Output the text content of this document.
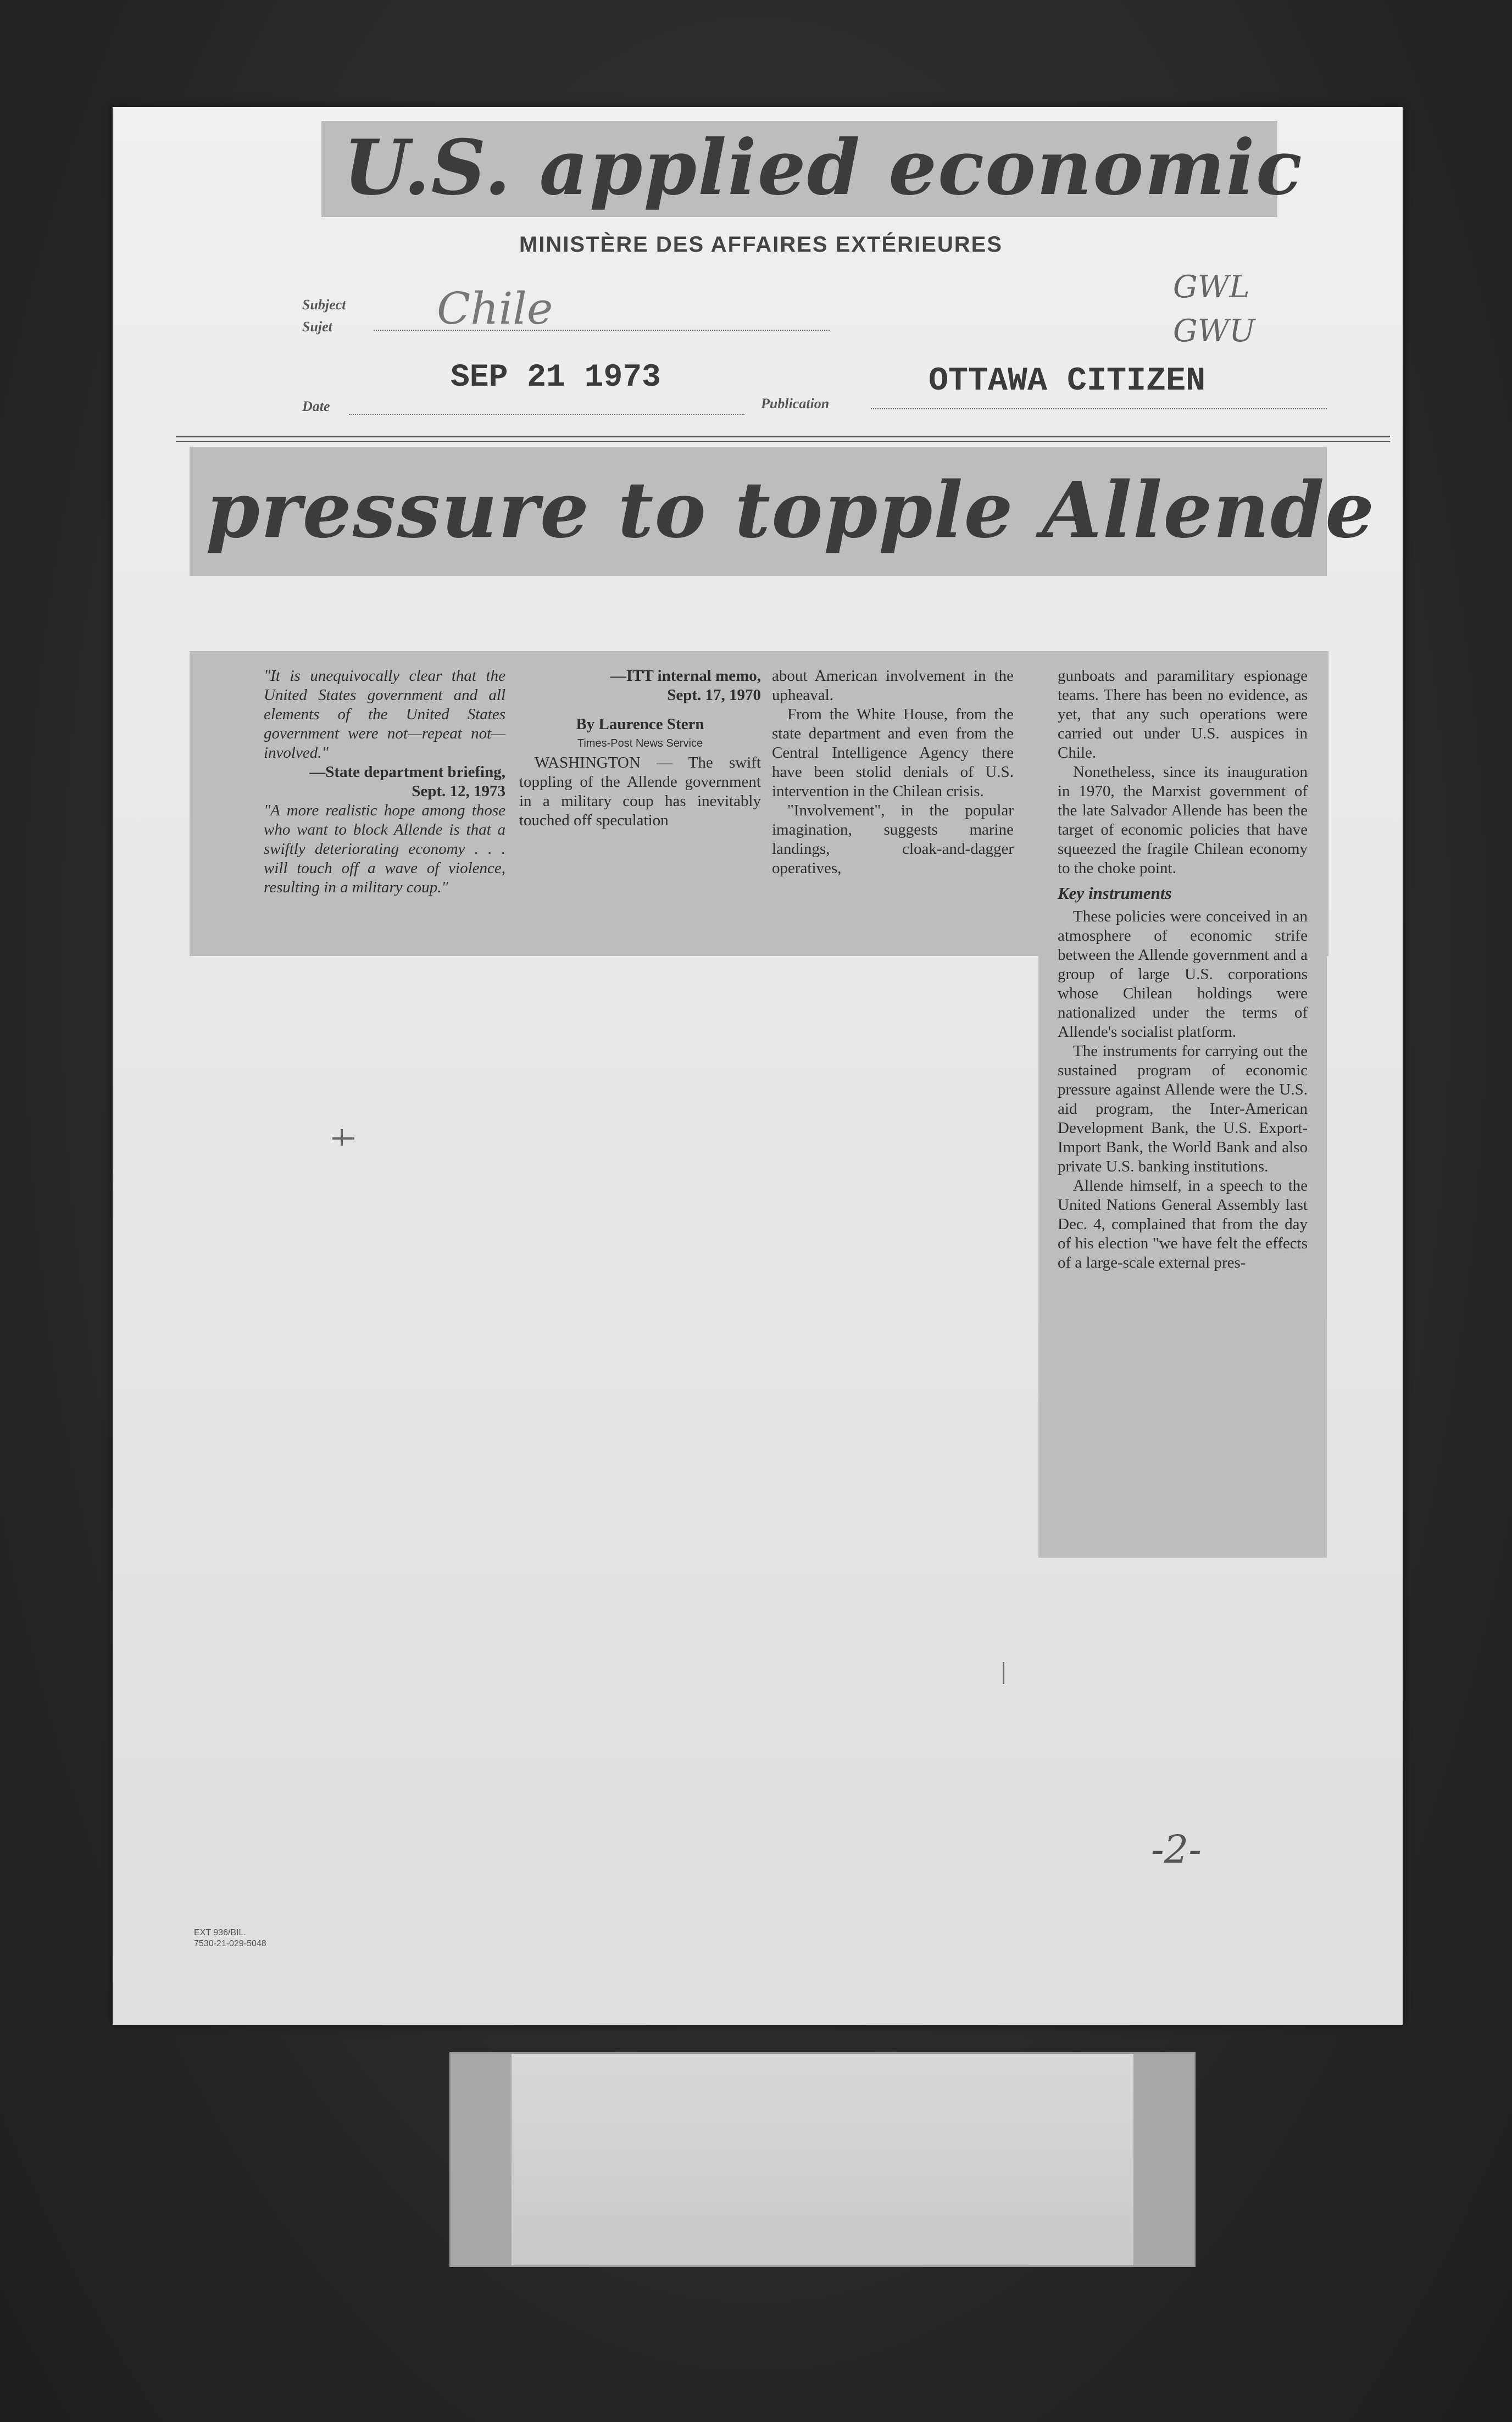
U.S. applied economic
MINISTÈRE DES AFFAIRES EXTÉRIEURES
Subject
Sujet Chile	GWL
GWU
Date
SEP 21 1973
Publication
OTTAWA CITIZEN
pressure to topple Allende
"It is unequivocally clear that the United States government and all elements of the United States government were not—repeat not—involved."
—State department briefing,
Sept. 12, 1973
"A more realistic hope among those who want to block Allende is that a swiftly deteriorating economy . . . will touch off a wave of violence, resulting in a military coup."
—ITT internal memo,
Sept. 17, 1970
By Laurence Stern
Times-Post News Service

WASHINGTON — The swift toppling of the Allende government in a military coup has inevitably touched off speculation

about American involvement in the upheaval.

From the White House, from the state department and even from the Central Intelligence Agency there have been stolid denials of U.S. intervention in the Chilean crisis.

"Involvement", in the popular imagination, suggests marine landings, cloak-and-dagger operatives,

gunboats and paramilitary espionage teams. There has been no evidence, as yet, that any such operations were carried out under U.S. auspices in Chile.

Nonetheless, since its inauguration in 1970, the Marxist government of the late Salvador Allende has been the target of economic policies that have squeezed the fragile Chilean economy to the choke point.

Key instruments

These policies were conceived in an atmosphere of economic strife between the Allende government and a group of large U.S. corporations whose Chilean holdings were nationalized under the terms of Allende's socialist platform.

The instruments for carrying out the sustained program of economic pressure against Allende were the U.S. aid program, the Inter-American Development Bank, the U.S. Export-Import Bank, the World Bank and also private U.S. banking institutions.

Allende himself, in a speech to the United Nations General Assembly last Dec. 4, complained that from the day of his election "we have felt the effects of a large-scale external pres-

-2-
EXT 936/BIL.
7530-21-029-5048
